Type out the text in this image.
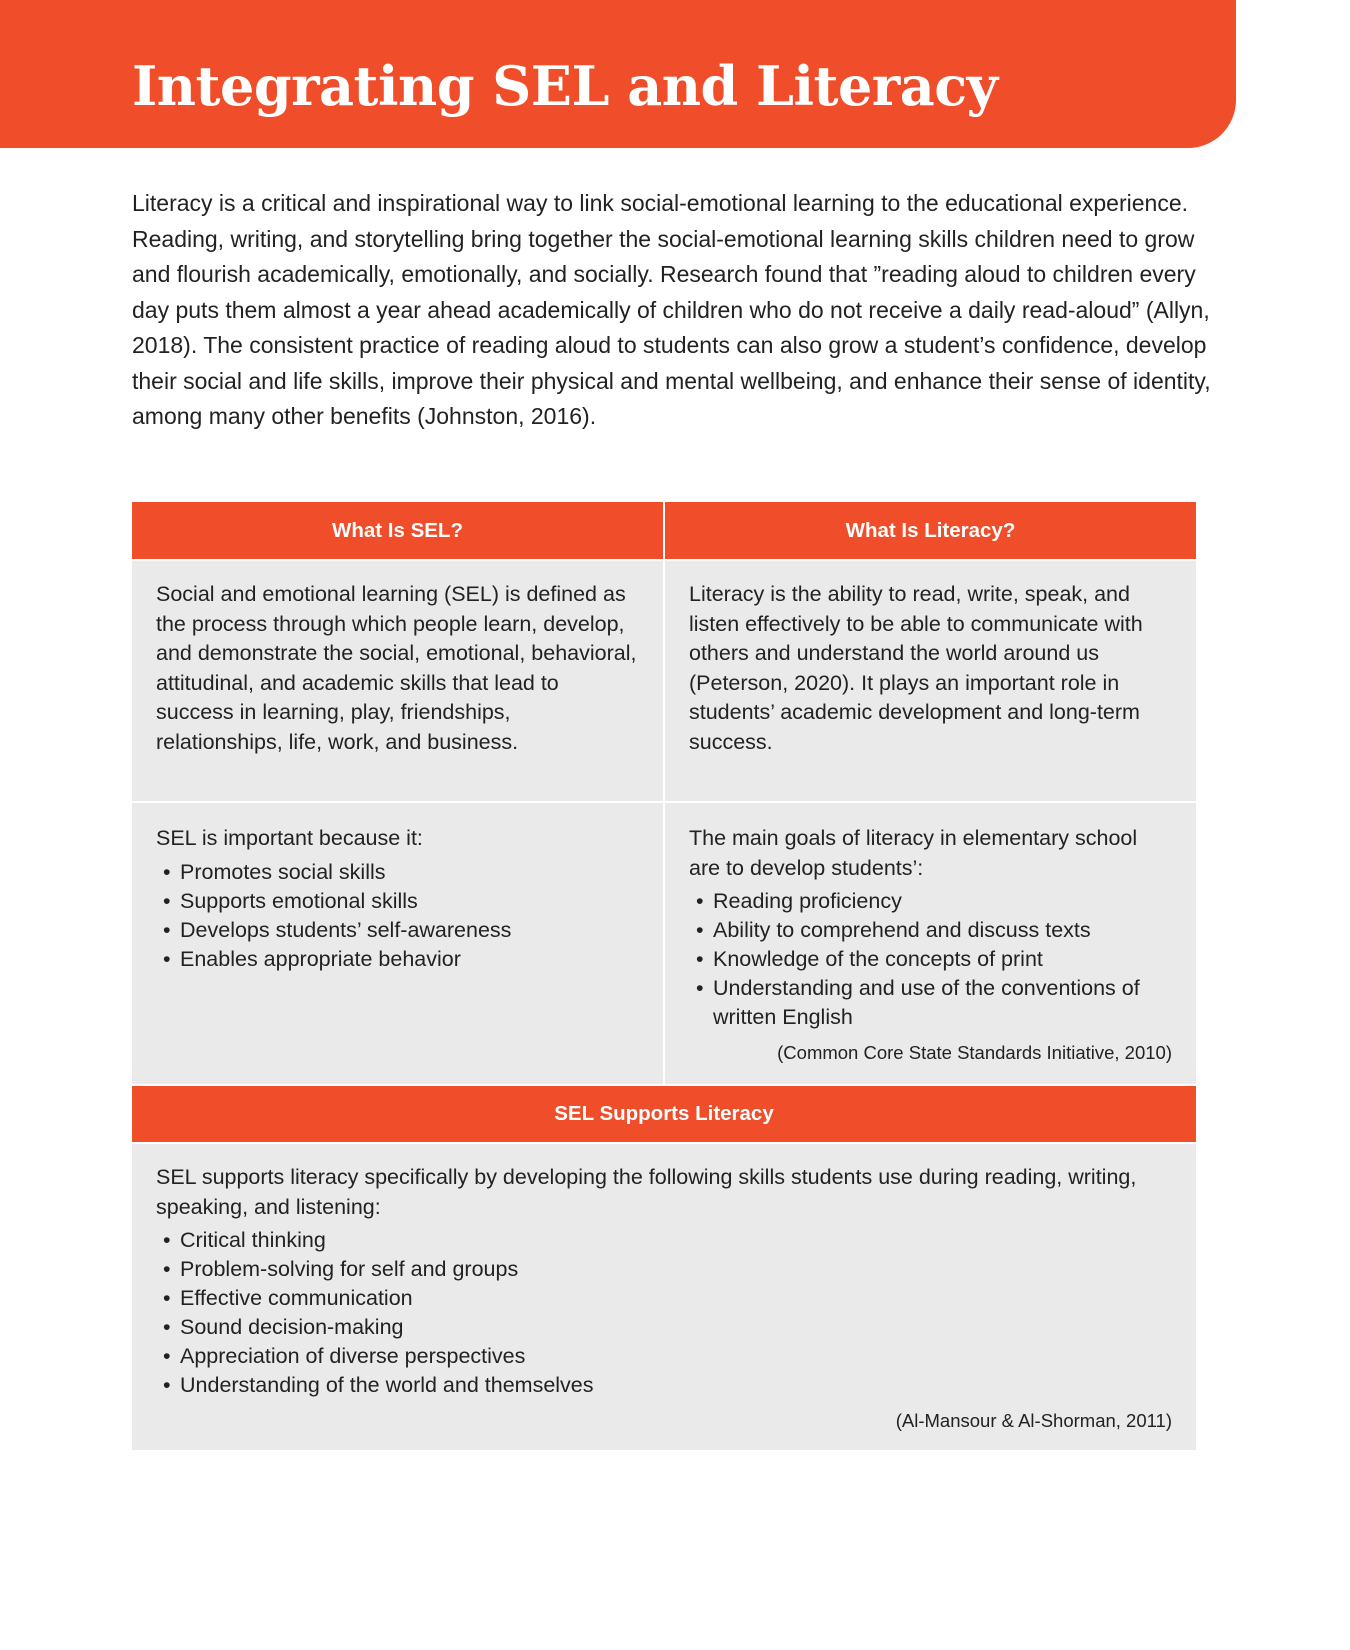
Integrating SEL and Literacy

Literacy is a critical and inspirational way to link social-emotional learning to the educational experience. Reading, writing, and storytelling bring together the social-emotional learning skills children need to grow and flourish academically, emotionally, and socially. Research found that ”reading aloud to children every day puts them almost a year ahead academically of children who do not receive a daily read-aloud” (Allyn, 2018). The consistent practice of reading aloud to students can also grow a student’s confidence, develop their social and life skills, improve their physical and mental wellbeing, and enhance their sense of identity, among many other benefits (Johnston, 2016).

What Is SEL?	What Is Literacy?

Social and emotional learning (SEL) is defined as the process through which people learn, develop, and demonstrate the social, emotional, behavioral, attitudinal, and academic skills that lead to success in learning, play, friendships, relationships, life, work, and business.

Literacy is the ability to read, write, speak, and listen effectively to be able to communicate with others and understand the world around us (Peterson, 2020). It plays an important role in students’ academic development and long-term success.

SEL is important because it:

• Promotes social skills
• Supports emotional skills
• Develops students’ self-awareness
• Enables appropriate behavior

The main goals of literacy in elementary school are to develop students’:

• Reading proficiency
• Ability to comprehend and discuss texts
• Knowledge of the concepts of print
• Understanding and use of the conventions of written English
(Common Core State Standards Initiative, 2010)
SEL Supports Literacy

SEL supports literacy specifically by developing the following skills students use during reading, writing, speaking, and listening:

• Critical thinking
• Problem-solving for self and groups
• Effective communication
• Sound decision-making
• Appreciation of diverse perspectives
• Understanding of the world and themselves
(Al-Mansour & Al-Shorman, 2011)
